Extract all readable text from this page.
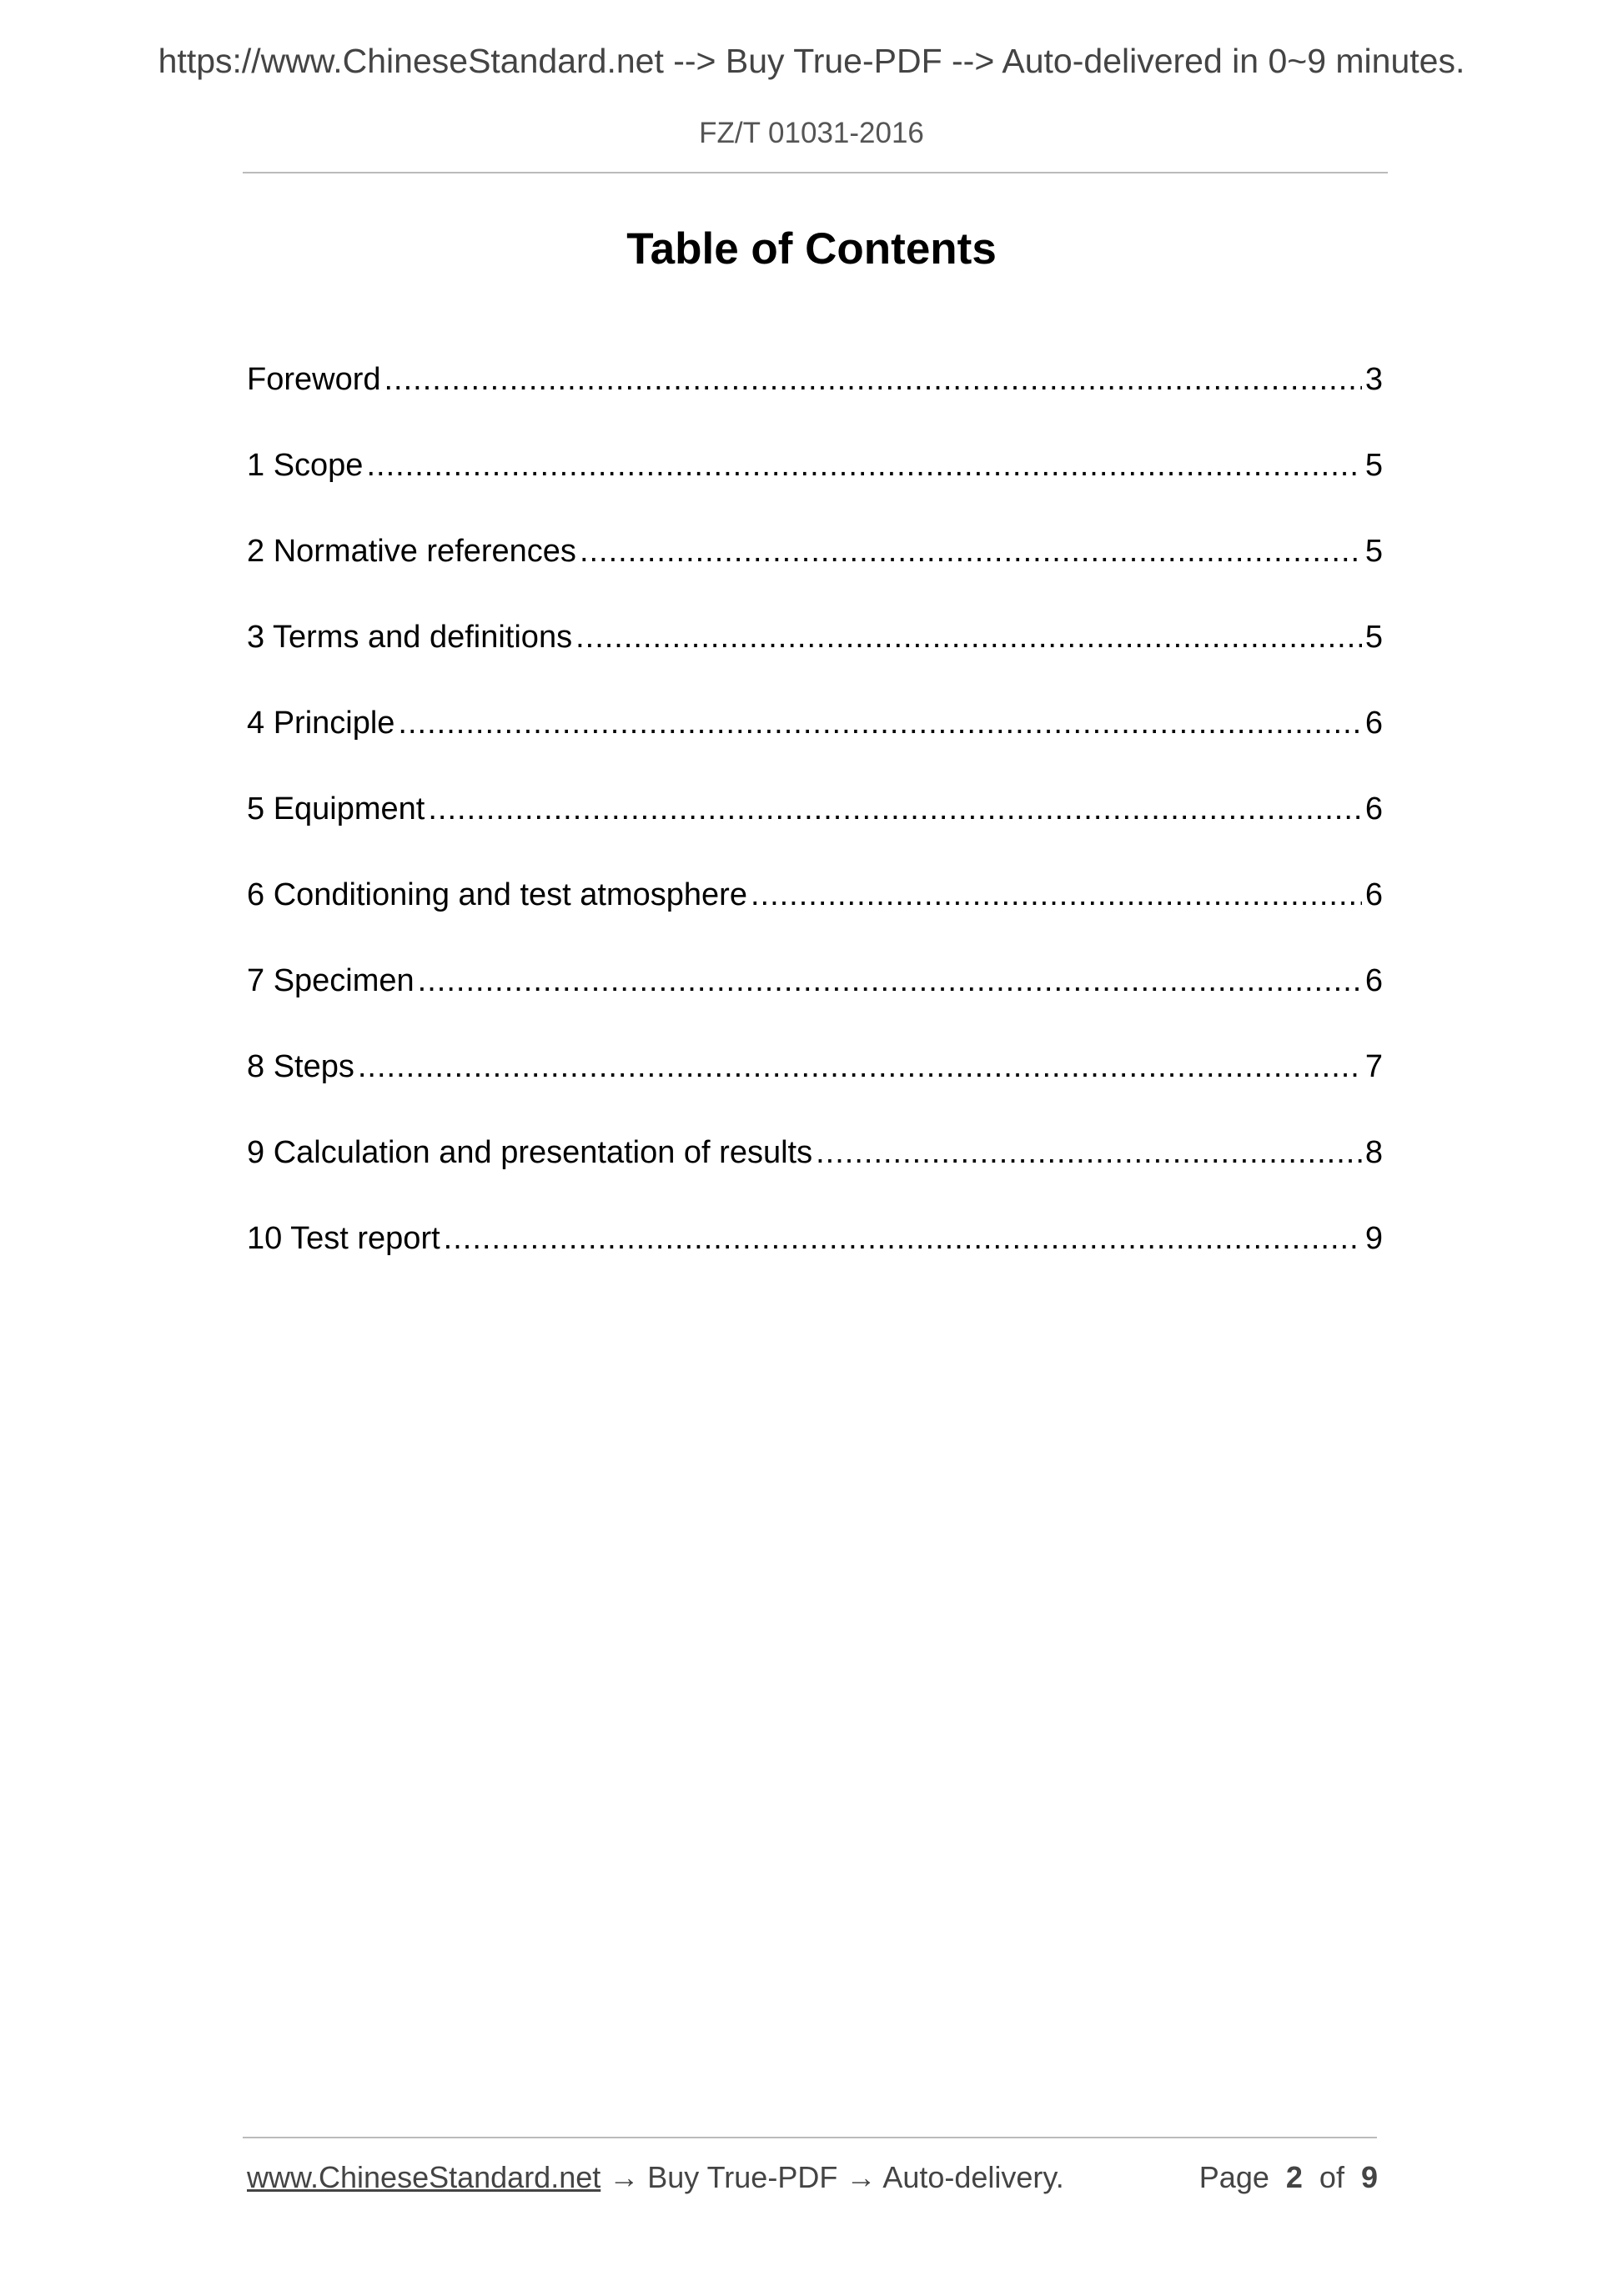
https://www.ChineseStandard.net --> Buy True-PDF --> Auto-delivered in 0~9 minutes.
FZ/T 01031-2016
Table of Contents
Foreword .....	3
1 Scope .....	5
2 Normative references .....	5
3 Terms and definitions .....	5
4 Principle .....	6
5 Equipment .....	6
6 Conditioning and test atmosphere .....	6
7 Specimen .....	6
8 Steps .....	7
9 Calculation and presentation of results .....	8
10 Test report .....	9
www.ChineseStandard.net → Buy True-PDF → Auto-delivery.	Page 2 of 9
